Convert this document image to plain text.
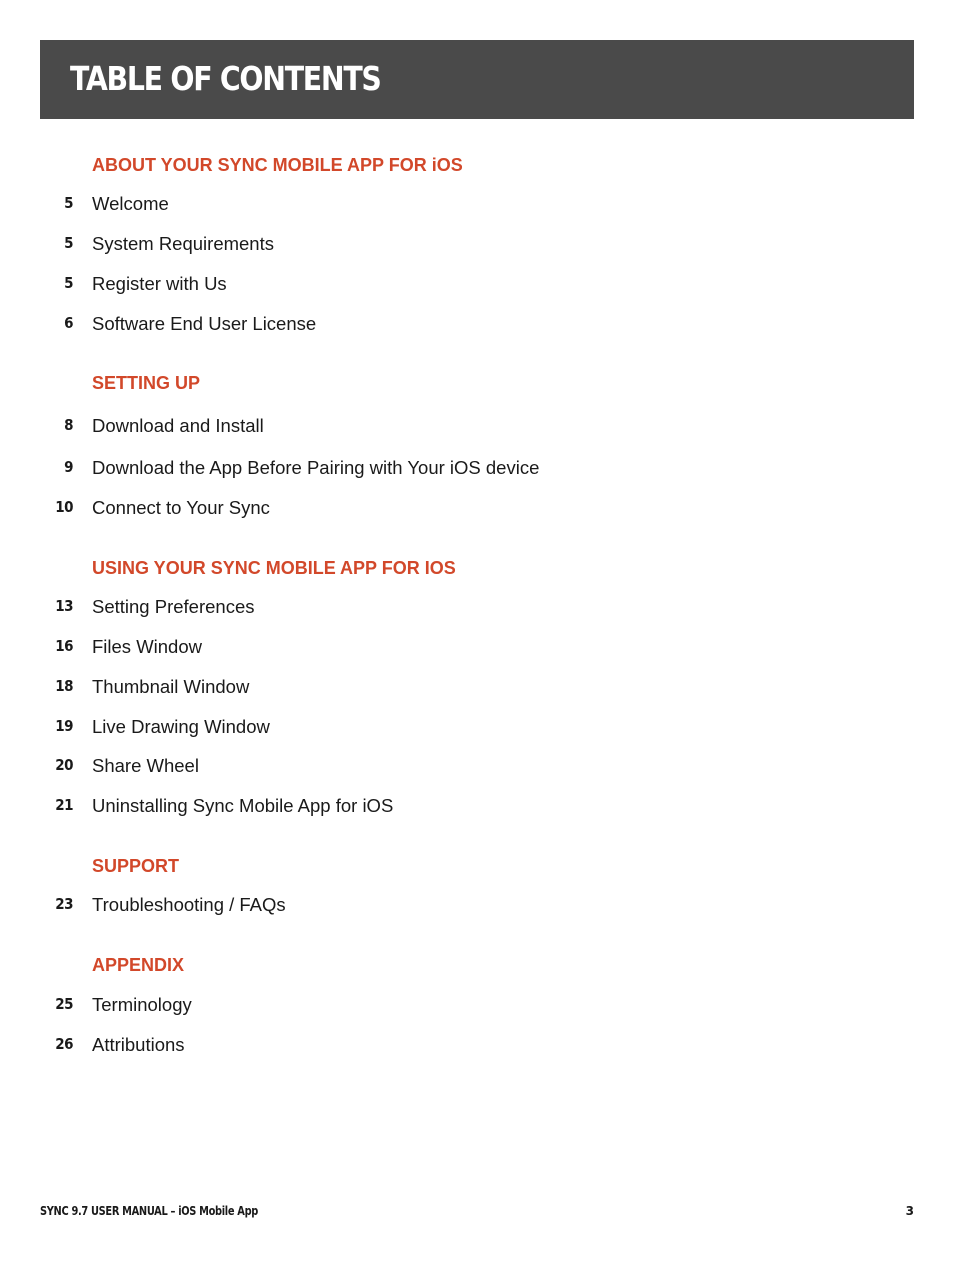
TABLE OF CONTENTS
ABOUT YOUR SYNC MOBILE APP FOR iOS
5 Welcome
5 System Requirements
5 Register with Us
6 Software End User License
SETTING UP
8 Download and Install
9 Download the App Before Pairing with Your iOS device
10 Connect to Your Sync
USING YOUR SYNC MOBILE APP FOR IOS
13 Setting Preferences
16 Files Window
18 Thumbnail Window
19 Live Drawing Window
20 Share Wheel
21 Uninstalling Sync Mobile App for iOS
SUPPORT
23 Troubleshooting / FAQs
APPENDIX
25 Terminology
26 Attributions
SYNC 9.7 USER MANUAL – iOS Mobile App	3
